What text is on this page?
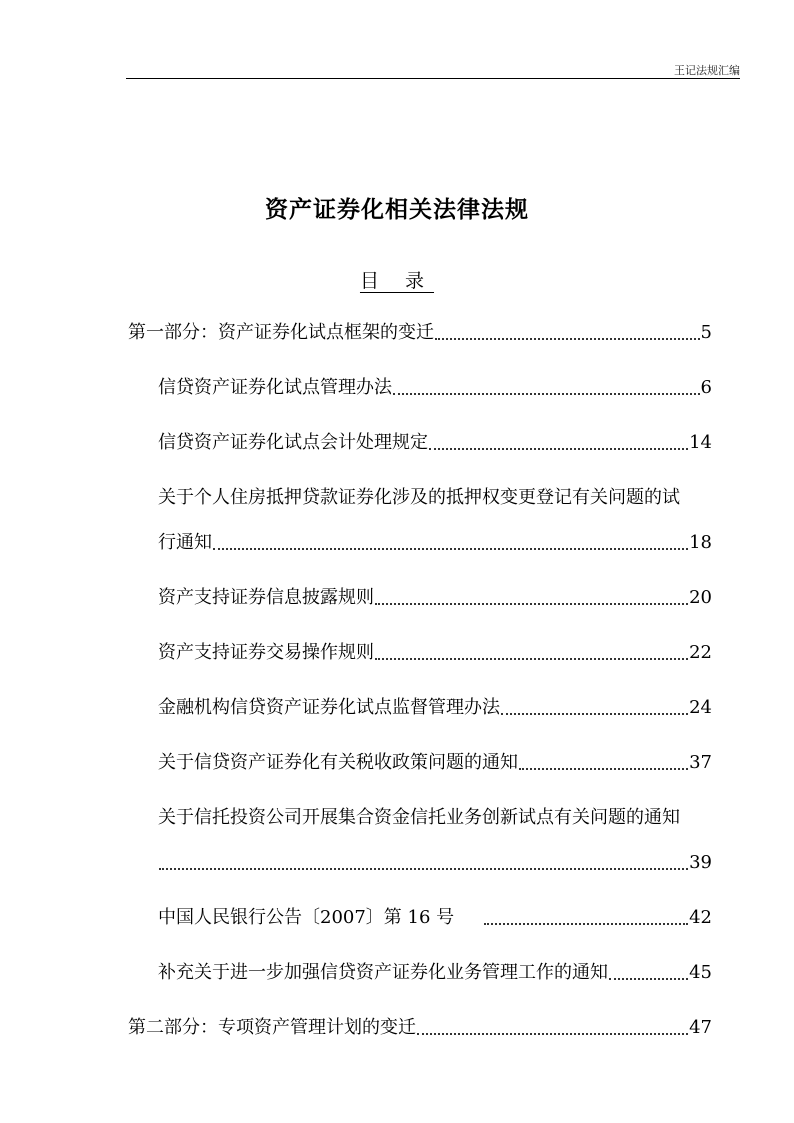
王记法规汇编
资产证券化相关法律法规
目 录
第一部分：资产证券化试点框架的变迁	5
信贷资产证券化试点管理办法	6
信贷资产证券化试点会计处理规定	14
关于个人住房抵押贷款证券化涉及的抵押权变更登记有关问题的试
行通知	18
资产支持证券信息披露规则	20
资产支持证券交易操作规则	22
金融机构信贷资产证券化试点监督管理办法	24
关于信贷资产证券化有关税收政策问题的通知	37
关于信托投资公司开展集合资金信托业务创新试点有关问题的通知
39
中国人民银行公告〔2007〕第 16 号	42
补充关于进一步加强信贷资产证券化业务管理工作的通知	45
第二部分：专项资产管理计划的变迁	47
